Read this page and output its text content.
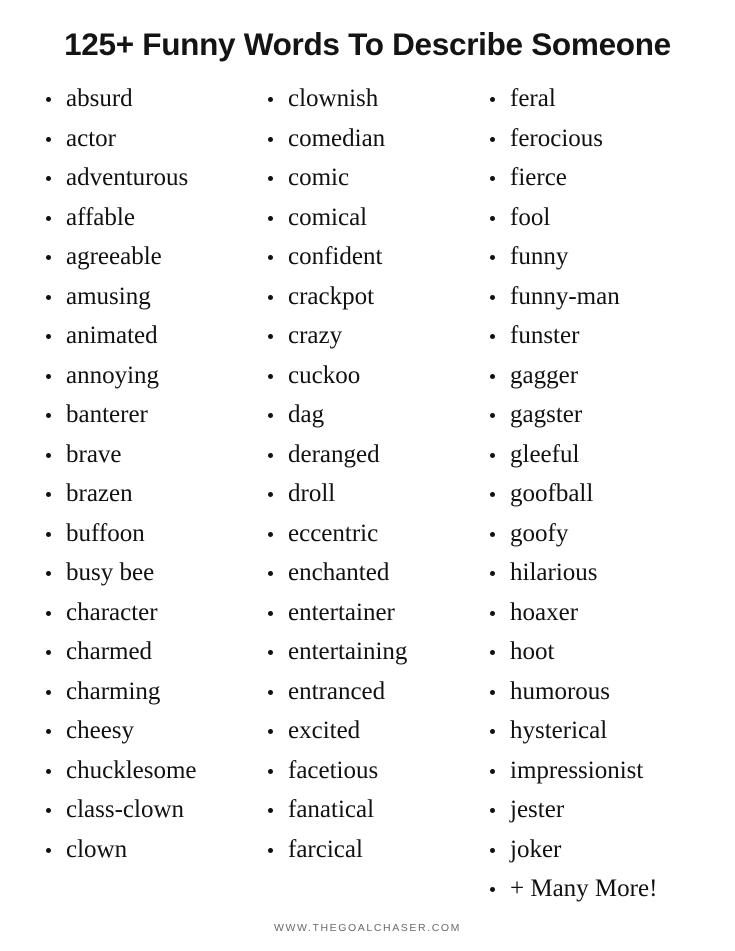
125+ Funny Words To Describe Someone
absurd
actor
adventurous
affable
agreeable
amusing
animated
annoying
banterer
brave
brazen
buffoon
busy bee
character
charmed
charming
cheesy
chucklesome
class-clown
clown
clownish
comedian
comic
comical
confident
crackpot
crazy
cuckoo
dag
deranged
droll
eccentric
enchanted
entertainer
entertaining
entranced
excited
facetious
fanatical
farcical
feral
ferocious
fierce
fool
funny
funny-man
funster
gagger
gagster
gleeful
goofball
goofy
hilarious
hoaxer
hoot
humorous
hysterical
impressionist
jester
joker
+ Many More!
WWW.THEGOALCHASER.COM
